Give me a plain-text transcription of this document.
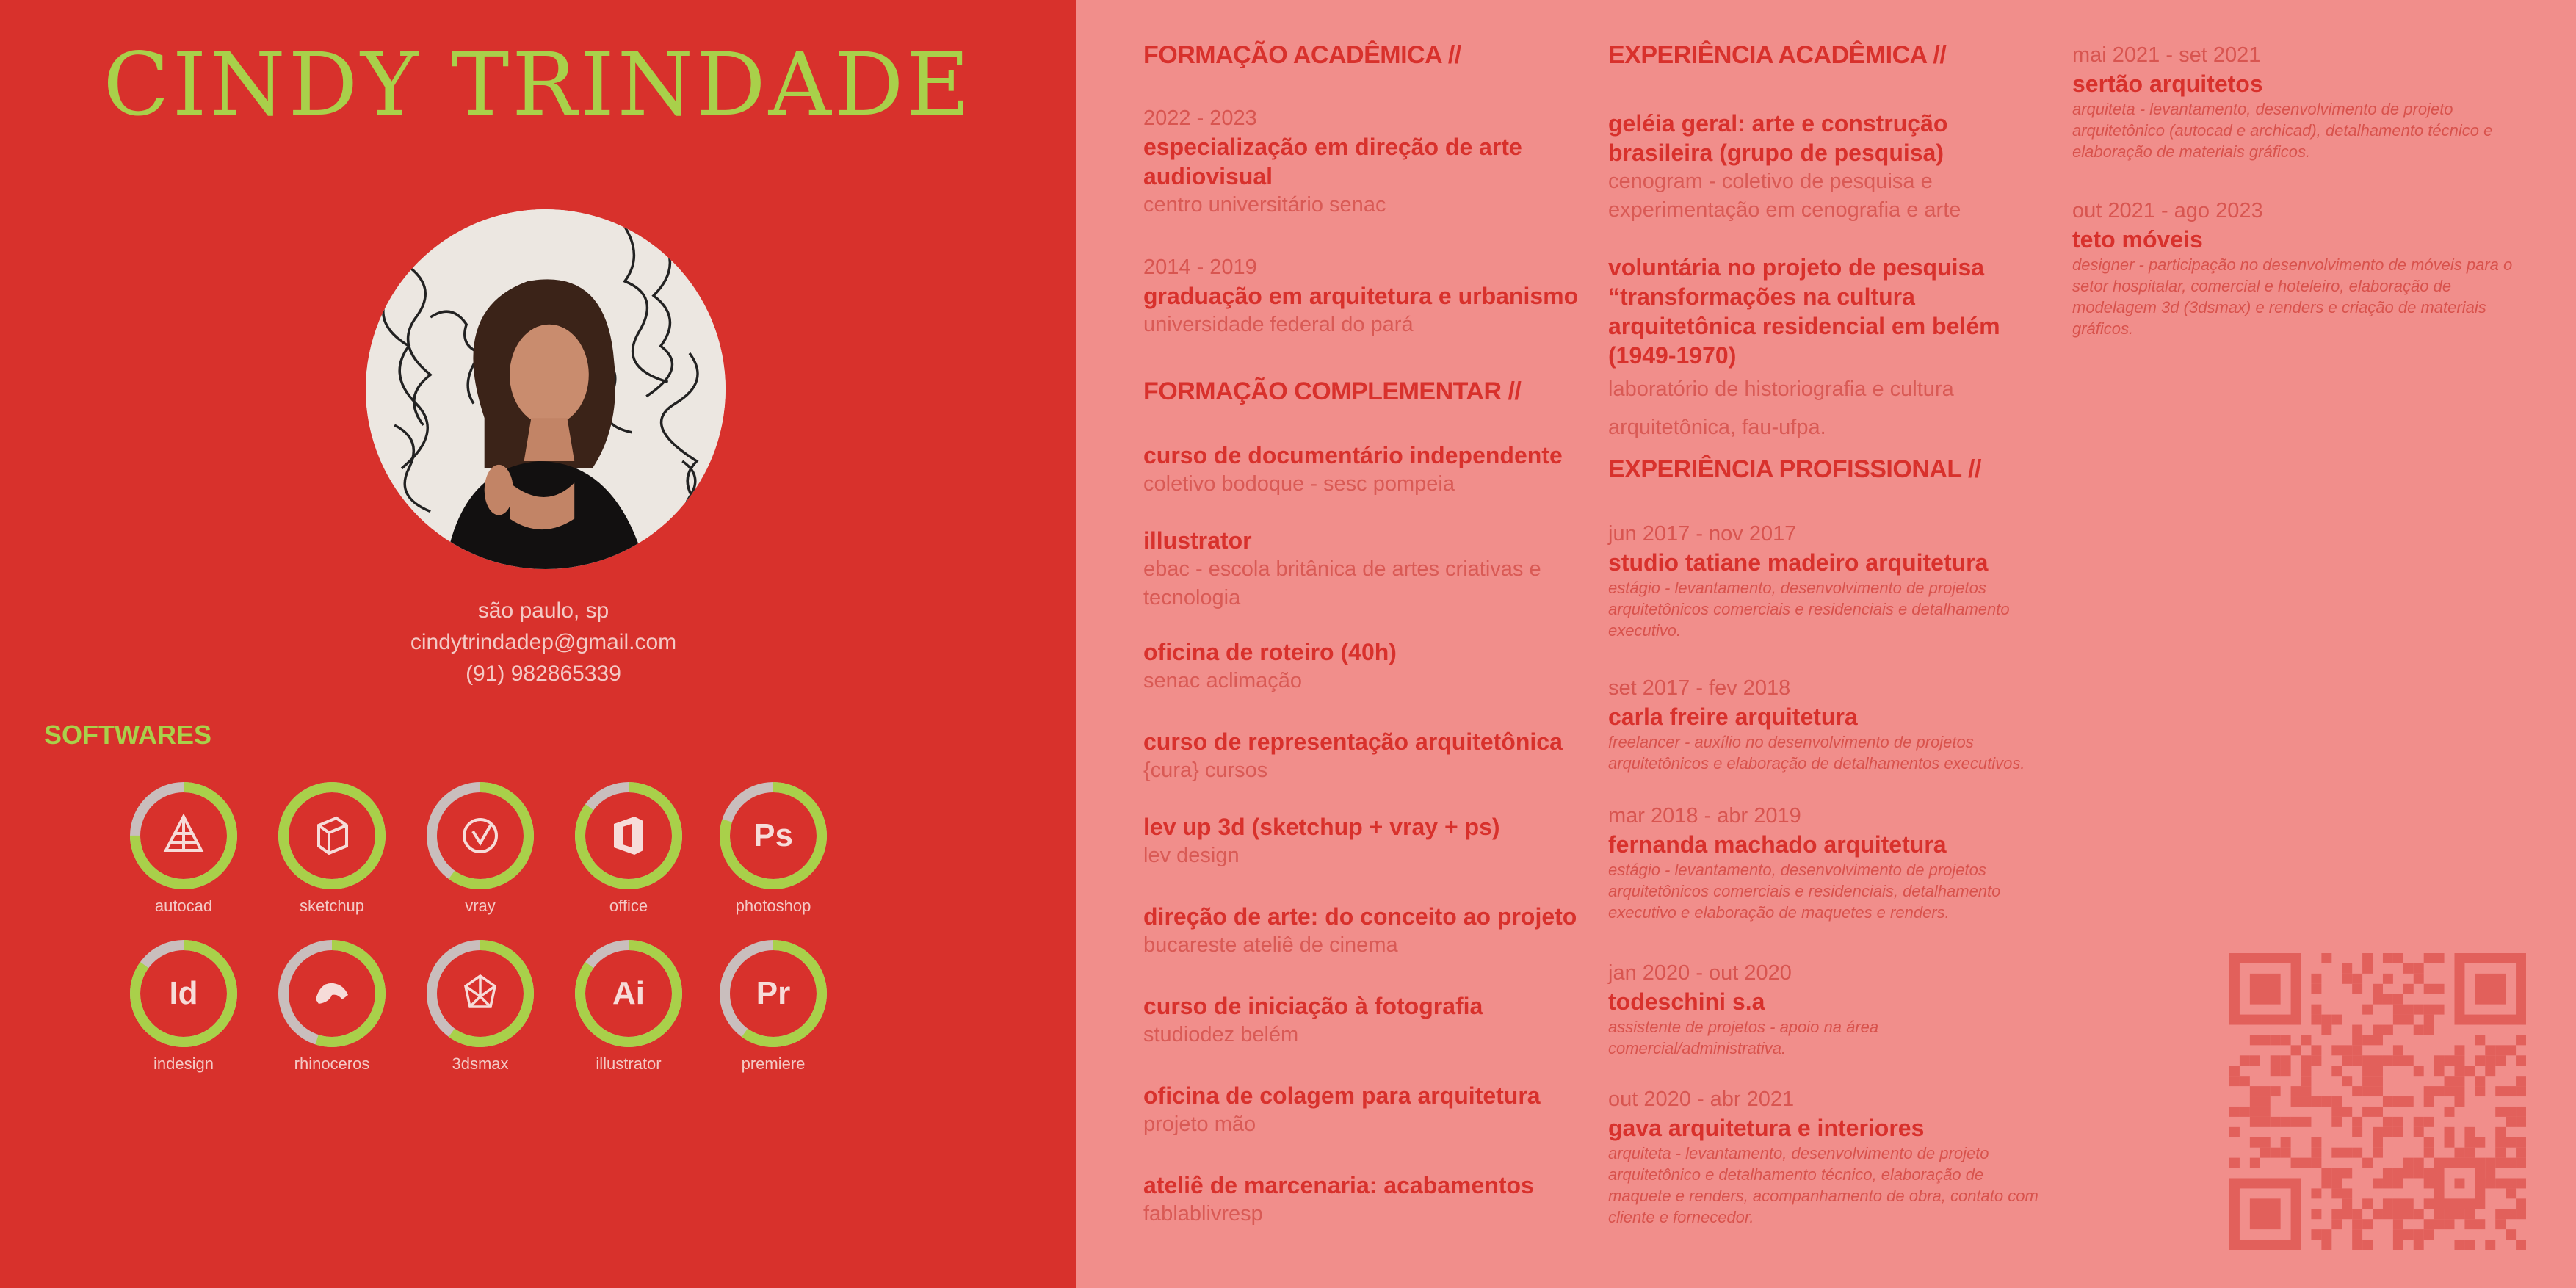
CINDY TRINDADE
são paulo, sp
cindytrindadep@gmail.com
(91) 982865339
SOFTWARES
autocad	sketchup	vray	office
Ps
photoshop
Id
indesign	rhinoceros	3dsmax
Ai
illustrator
Pr
premiere
FORMAÇÃO ACADÊMICA //
2022 - 2023
especialização em direção de arte audiovisual
centro universitário senac
2014 - 2019
graduação em arquitetura e urbanismo
universidade federal do pará
FORMAÇÃO COMPLEMENTAR //
curso de documentário independente
coletivo bodoque - sesc pompeia
illustrator
ebac - escola britânica de artes criativas e tecnologia
oficina de roteiro (40h)
senac aclimação
curso de representação arquitetônica
{cura} cursos
lev up 3d (sketchup + vray + ps)
lev design
direção de arte: do conceito ao projeto
bucareste ateliê de cinema
curso de iniciação à fotografia
studiodez belém
oficina de colagem para arquitetura
projeto mão
ateliê de marcenaria: acabamentos
fablablivresp
EXPERIÊNCIA ACADÊMICA //
geléia geral: arte e construção brasileira (grupo de pesquisa)
cenogram - coletivo de pesquisa e experimentação em cenografia e arte
voluntária no projeto de pesquisa “transformações na cultura arquitetônica residencial em belém (1949-1970)
laboratório de historiografia e cultura arquitetônica, fau-ufpa.
EXPERIÊNCIA PROFISSIONAL //
jun 2017 - nov 2017
studio tatiane madeiro arquitetura
estágio - levantamento, desenvolvimento de projetos arquitetônicos comerciais e residenciais e detalhamento executivo.
set 2017 - fev 2018
carla freire arquitetura
freelancer - auxílio no desenvolvimento de projetos arquitetônicos e elaboração de detalhamentos executivos.
mar 2018 - abr 2019
fernanda machado arquitetura
estágio - levantamento, desenvolvimento de projetos arquitetônicos comerciais e residenciais, detalhamento executivo e elaboração de maquetes e renders.
jan 2020 - out 2020
todeschini s.a
assistente de projetos - apoio na área comercial/administrativa.
out 2020 - abr 2021
gava arquitetura e interiores
arquiteta - levantamento, desenvolvimento de projeto arquitetônico e detalhamento técnico, elaboração de maquete e renders, acompanhamento de obra, contato com cliente e fornecedor.
mai 2021 - set 2021
sertão arquitetos
arquiteta - levantamento, desenvolvimento de projeto arquitetônico (autocad e archicad), detalhamento técnico e elaboração de materiais gráficos.
out 2021 - ago 2023
teto móveis
designer - participação no desenvolvimento de móveis para o setor hospitalar, comercial e hoteleiro, elaboração de modelagem 3d (3dsmax) e renders e criação de materiais gráficos.
